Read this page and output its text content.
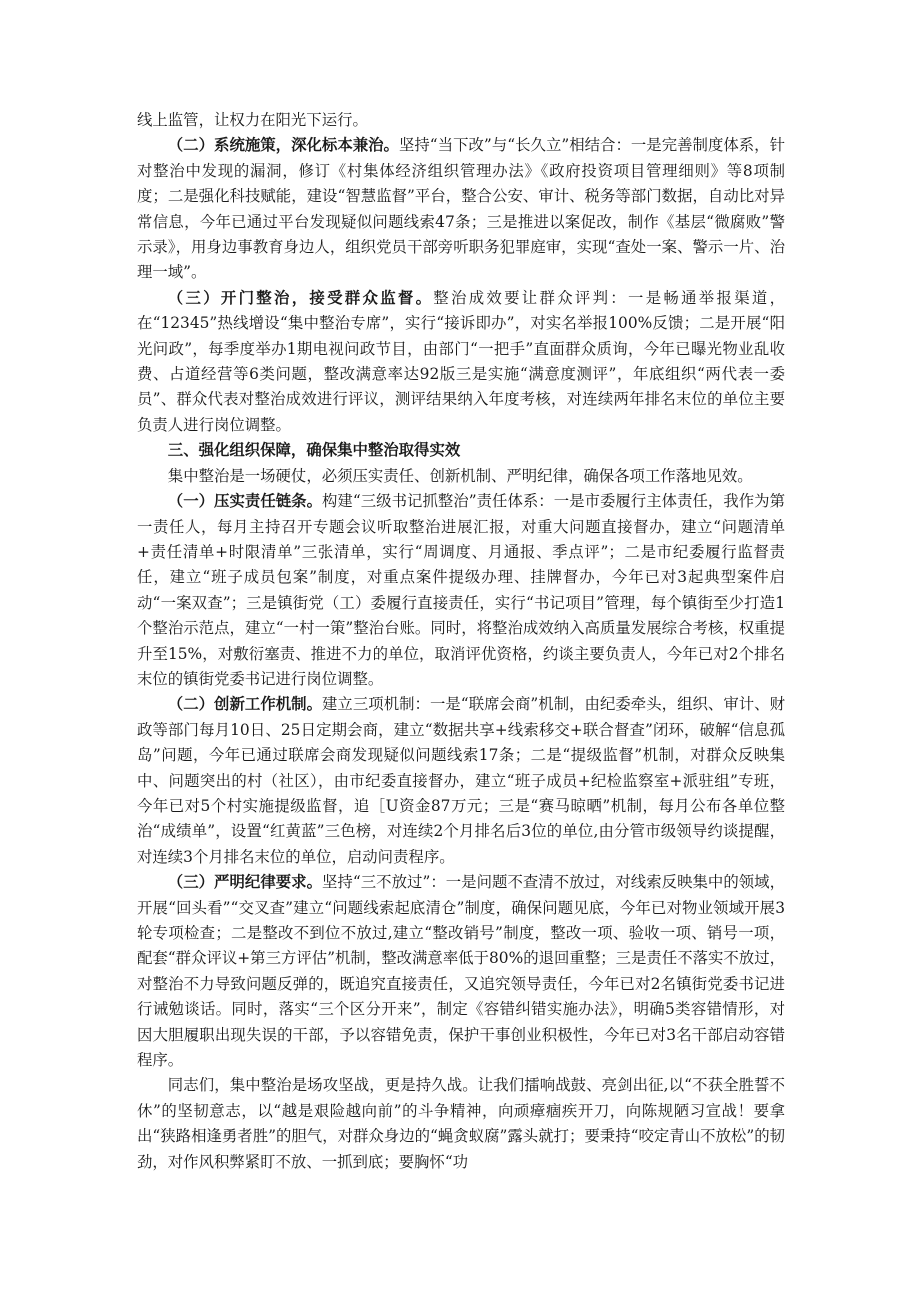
线上监管，让权力在阳光下运行。

（二）系统施策，深化标本兼治。坚持“当下改”与“长久立”相结合：一是完善制度体系，针对整治中发现的漏洞，修订《村集体经济组织管理办法》《政府投资项目管理细则》等8项制度；二是强化科技赋能，建设“智慧监督”平台，整合公安、审计、税务等部门数据，自动比对异常信息，今年已通过平台发现疑似问题线索47条；三是推进以案促改，制作《基层“微腐败”警示录》，用身边事教育身边人，组织党员干部旁听职务犯罪庭审，实现“查处一案、警示一片、治理一域”。

（三）开门整治，接受群众监督。整治成效要让群众评判：一是畅通举报渠道，在“12345”热线增设“集中整治专席”，实行“接诉即办”，对实名举报100%反馈；二是开展“阳光问政”，每季度举办1期电视问政节目，由部门“一把手”直面群众质询，今年已曝光物业乱收费、占道经营等6类问题，整改满意率达92版三是实施“满意度测评”，年底组织“两代表一委员”、群众代表对整治成效进行评议，测评结果纳入年度考核，对连续两年排名末位的单位主要负责人进行岗位调整。

三、强化组织保障，确保集中整治取得实效

集中整治是一场硬仗，必须压实责任、创新机制、严明纪律，确保各项工作落地见效。

（一）压实责任链条。构建“三级书记抓整治”责任体系：一是市委履行主体责任，我作为第一责任人，每月主持召开专题会议听取整治进展汇报，对重大问题直接督办，建立“问题清单+责任清单+时限清单”三张清单，实行“周调度、月通报、季点评”；二是市纪委履行监督责任，建立“班子成员包案”制度，对重点案件提级办理、挂牌督办，今年已对3起典型案件启动“一案双查”；三是镇街党（工）委履行直接责任，实行“书记项目”管理，每个镇街至少打造1个整治示范点，建立“一村一策”整治台账。同时，将整治成效纳入高质量发展综合考核，权重提升至15%，对敷衍塞责、推进不力的单位，取消评优资格，约谈主要负责人，今年已对2个排名末位的镇街党委书记进行岗位调整。

（二）创新工作机制。建立三项机制：一是“联席会商”机制，由纪委牵头，组织、审计、财政等部门每月10日、25日定期会商，建立“数据共享+线索移交+联合督查”闭环，破解“信息孤岛”问题，今年已通过联席会商发现疑似问题线索17条；二是“提级监督”机制，对群众反映集中、问题突出的村（社区），由市纪委直接督办，建立“班子成员+纪检监察室+派驻组”专班，今年已对5个村实施提级监督，追［U资金87万元；三是“赛马晾晒”机制，每月公布各单位整治“成绩单”，设置“红黄蓝”三色榜，对连续2个月排名后3位的单位,由分管市级领导约谈提醒，对连续3个月排名末位的单位，启动问责程序。

（三）严明纪律要求。坚持“三不放过”：一是问题不查清不放过，对线索反映集中的领域，开展“回头看”“交叉查”建立“问题线索起底清仓”制度，确保问题见底，今年已对物业领域开展3轮专项检查；二是整改不到位不放过,建立“整改销号”制度，整改一项、验收一项、销号一项，配套“群众评议+第三方评估”机制，整改满意率低于80%的退回重整；三是责任不落实不放过，对整治不力导致问题反弹的，既追究直接责任，又追究领导责任，今年已对2名镇街党委书记进行诫勉谈话。同时，落实“三个区分开来”，制定《容错纠错实施办法》，明确5类容错情形，对因大胆履职出现失误的干部，予以容错免责，保护干事创业积极性，今年已对3名干部启动容错程序。

同志们，集中整治是场攻坚战，更是持久战。让我们擂响战鼓、亮剑出征,以“不获全胜誓不休”的坚韧意志，以“越是艰险越向前”的斗争精神，向顽瘴痼疾开刀，向陈规陋习宣战！要拿出“狭路相逢勇者胜”的胆气，对群众身边的“蝇贪蚁腐”露头就打；要秉持“咬定青山不放松”的韧劲，对作风积弊紧盯不放、一抓到底；要胸怀“功
